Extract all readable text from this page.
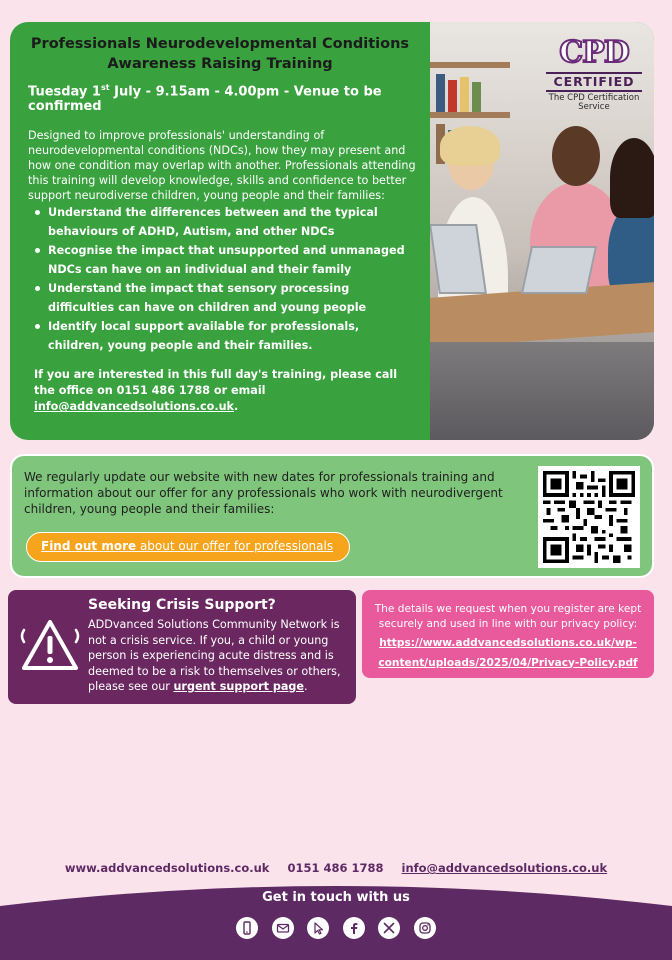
Professionals Neurodevelopmental Conditions Awareness Raising Training
Tuesday 1st July - 9.15am - 4.00pm - Venue to be confirmed

Designed to improve professionals' understanding of neurodevelopmental conditions (NDCs), how they may present and how one condition may overlap with another. Professionals attending this training will develop knowledge, skills and confidence to better support neurodiverse children, young people and their families:

Understand the differences between and the typical behaviours of ADHD, Autism, and other NDCs
Recognise the impact that unsupported and unmanaged NDCs can have on an individual and their family
Understand the impact that sensory processing difficulties can have on children and young people
Identify local support available for professionals, children, young people and their families.

If you are interested in this full day's training, please call the office on 0151 486 1788 or email info@addvancedsolutions.co.uk.

CPD
CERTIFIED
The CPD Certification Service

We regularly update our website with new dates for professionals training and information about our offer for any professionals who work with neurodivergent children, young people and their families:

Find out more about our offer for professionals
Seeking Crisis Support?

ADDvanced Solutions Community Network is not a crisis service. If you, a child or young person is experiencing acute distress and is deemed to be a risk to themselves or others, please see our urgent support page.

The details we request when you register are kept securely and used in line with our privacy policy:

https://www.addvancedsolutions.co.uk/wp-content/uploads/2025/04/Privacy-Policy.pdf
www.addvancedsolutions.co.uk 0151 486 1788 info@addvancedsolutions.co.uk
Get in touch with us
